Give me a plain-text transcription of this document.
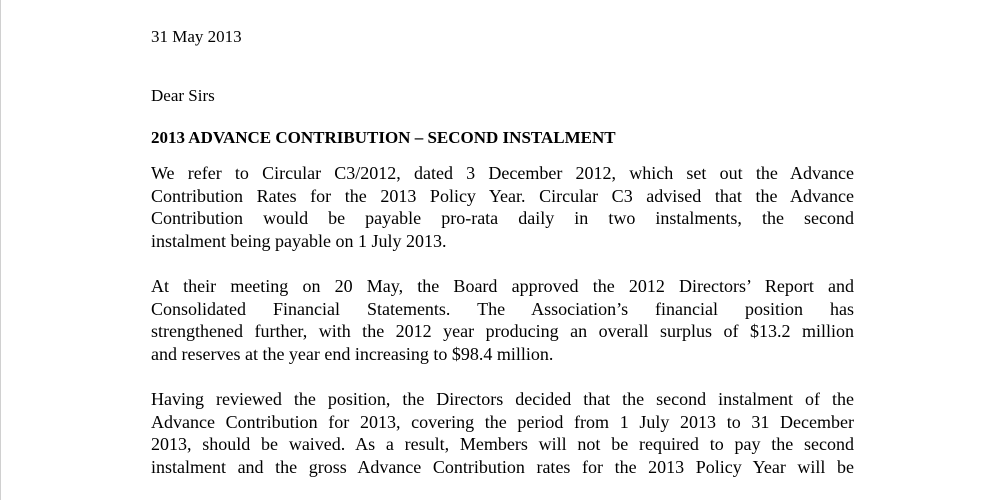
31 May 2013

Dear Sirs

2013 ADVANCE CONTRIBUTION – SECOND INSTALMENT

We refer to Circular C3/2012, dated 3 December 2012, which set out the Advance
Contribution Rates for the 2013 Policy Year. Circular C3 advised that the Advance
Contribution would be payable pro-rata daily in two instalments, the second
instalment being payable on 1 July 2013.

At their meeting on 20 May, the Board approved the 2012 Directors’ Report and
Consolidated Financial Statements. The Association’s financial position has
strengthened further, with the 2012 year producing an overall surplus of $13.2 million
and reserves at the year end increasing to $98.4 million.

Having reviewed the position, the Directors decided that the second instalment of the
Advance Contribution for 2013, covering the period from 1 July 2013 to 31 December
2013, should be waived. As a result, Members will not be required to pay the second
instalment and the gross Advance Contribution rates for the 2013 Policy Year will be
